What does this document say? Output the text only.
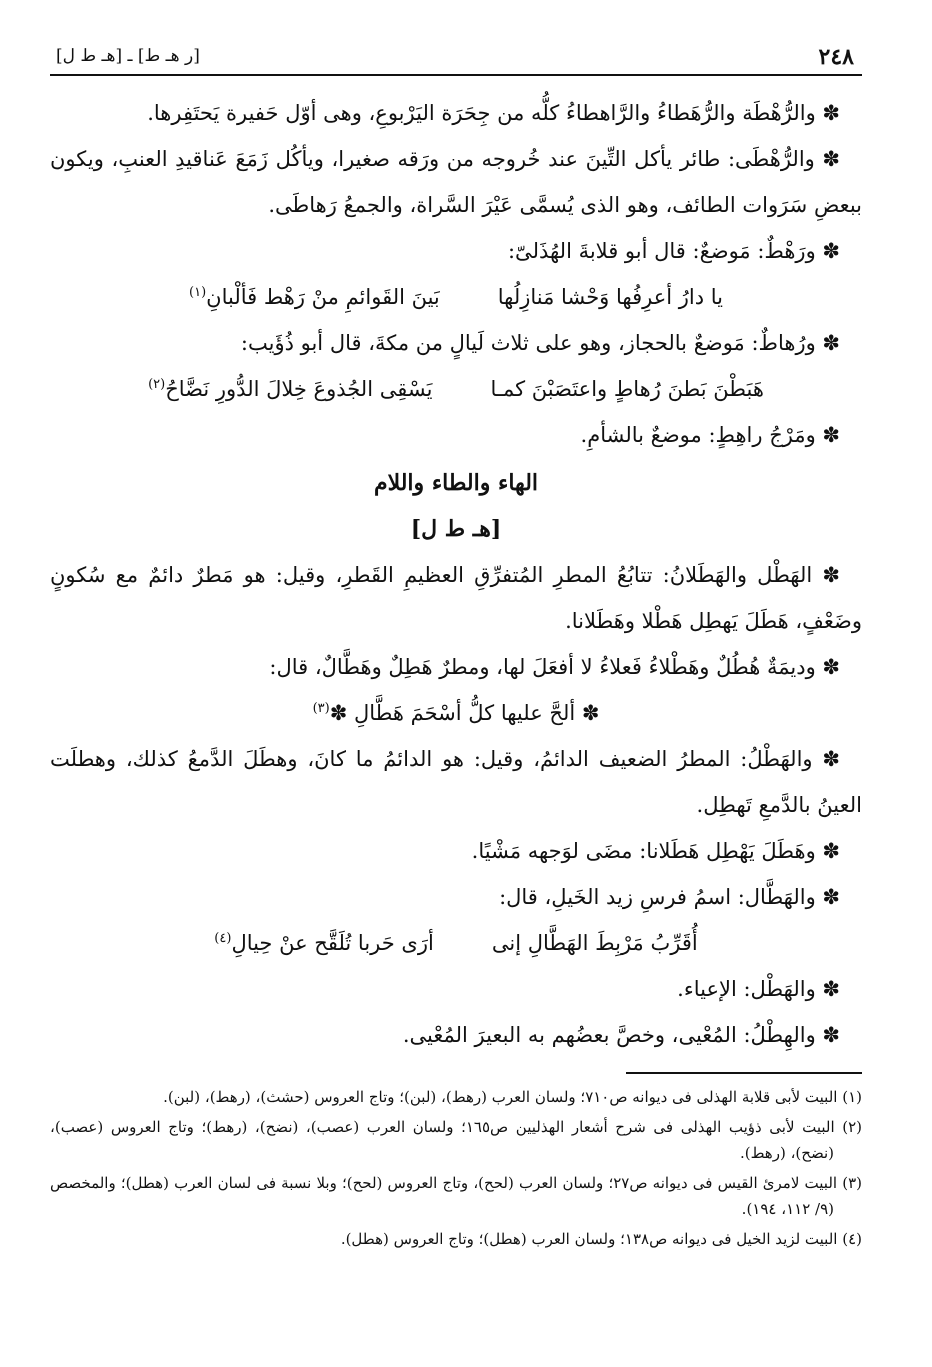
٢٤٨
[ر هـ ط] ـ [هـ ط ل]

✽ والرُّهْطَة والرُّهَطاءُ والرَّاهطاءُ كلُّه من جِحَرَة اليَرْبوعِ، وهى أوّل حَفيرة يَحتَفِرها.

✽ والرُّهْطَى: طائر يأكل التِّينَ عند خُروجه من ورَقه صغيرا، ويأكُل زَمَعَ عَناقيدِ العنبِ، ويكون ببعضِ سَرَوات الطائف، وهو الذى يُسمَّى عَيْرَ السَّراة، والجمعُ رَهاطَى.

✽ ورَهْطٌ: مَوضعٌ: قال أبو قلابةَ الهُذَلىّ:

يا دارُ أعرِفُها وَحْشا مَنازِلُها
بَينَ القَوائمِ منْ رَهْط فَألْبانِ$^{(١)}$

✽ ورُهاطٌ: مَوضعٌ بالحجاز، وهو على ثلاث لَيالٍ من مكةَ، قال أبو ذُؤَيب:

هَبَطْنَ بَطنَ رُهاطٍ واعتَصَبْنَ كمـا
يَسْقِى الجُذوعَ خِلالَ الدُّورِ نَضَّاحُ$^{(٢)}$

✽ ومَرْجُ راهِطٍ: موضعٌ بالشأمِ.

الهاء والطاء واللام
[هـ ط ل]

✽ الهَطْل والهَطَلانُ: تتابُعُ المطرِ المُتفرِّقِ العظيمِ القَطرِ، وقيل: هو مَطرٌ دائمٌ مع سُكونٍ وضَعْفٍ، هَطَلَ يَهطِل هَطْلا وهَطَلانا.

✽ وديمَةٌ هُطُلٌ وهَطْلاءُ فَعلاءُ لا أفعَلَ لها، ومطرٌ هَطِلٌ وهَطَّالٌ، قال:

✽ ألحَّ عليها كلُّ أسْحَمَ هَطَّالِ ✽$^{(٣)}$

✽ والهَطْلُ: المطرُ الضعيف الدائمُ، وقيل: هو الدائمُ ما كانَ، وهطَلَ الدَّمعُ كذلك، وهطلَت العينُ بالدَّمعِ تَهطِل.

✽ وهَطَلَ يَهْطِل هَطَلانا: مضَى لوَجهه مَشْيًا.

✽ والهَطَّال: اسمُ فرسِ زيد الخَيلِ، قال:

أُقَرِّبُ مَرْبِطَ الهَطَّالِ إنى
أرَى حَربا تُلَقَّح عنْ حِيالِ$^{(٤)}$

✽ والهَطْل: الإعياء.

✽ والهِطْلُ: المُعْيى، وخصَّ بعضُهم به البعيرَ المُعْيى.

(١) البيت لأبى قلابة الهذلى فى ديوانه ص٧١٠؛ ولسان العرب (رهط)، (لبن)؛ وتاج العروس (حشث)، (رهط)، (لبن).

(٢) البيت لأبى ذؤيب الهذلى فى شرح أشعار الهذليين ص١٦٥؛ ولسان العرب (عصب)، (نضح)، (رهط)؛ وتاج العروس (عصب)، (نضح)، (رهط).

(٣) البيت لامرئ القيس فى ديوانه ص٢٧؛ ولسان العرب (لحح)، وتاج العروس (لحح)؛ وبلا نسبة فى لسان العرب (هطل)؛ والمخصص (٩/ ١١٢، ١٩٤).

(٤) البيت لزيد الخيل فى ديوانه ص١٣٨؛ ولسان العرب (هطل)؛ وتاج العروس (هطل).
